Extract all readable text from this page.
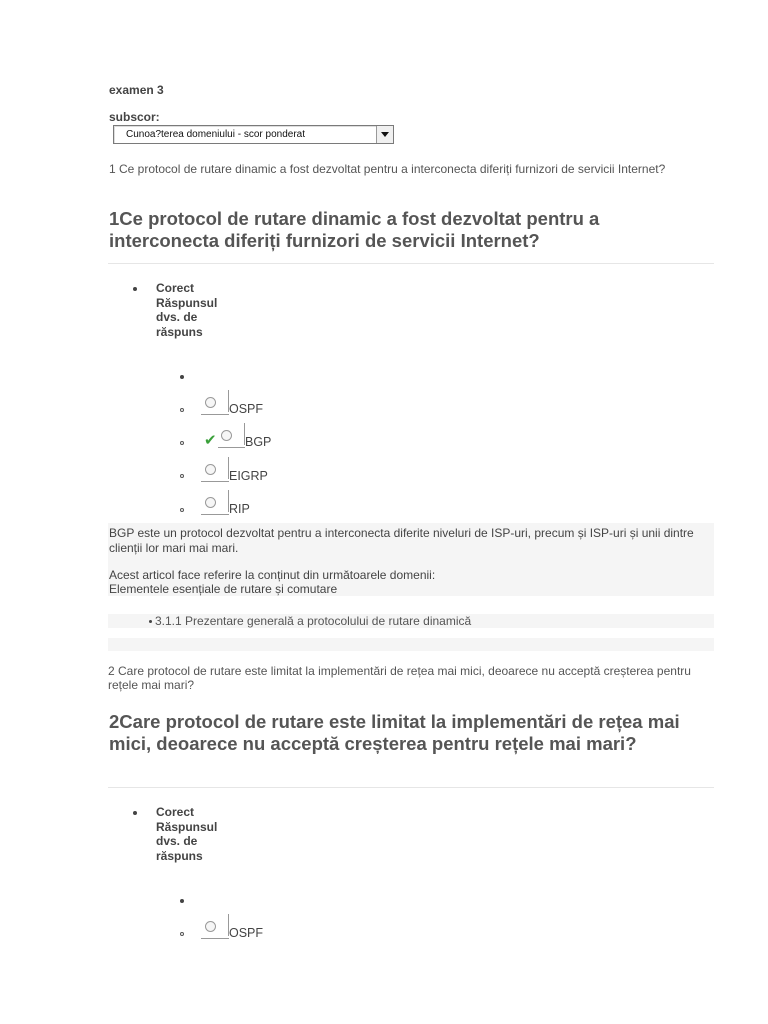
examen 3
subscor:
Cunoa?terea domeniului - scor ponderat
1 Ce protocol de rutare dinamic a fost dezvoltat pentru a interconecta diferiți furnizori de servicii Internet?
1Ce protocol de rutare dinamic a fost dezvoltat pentru a interconecta diferiți furnizori de servicii Internet?
Corect Răspunsul dvs. de răspuns
OSPF
✔ BGP
EIGRP
RIP
BGP este un protocol dezvoltat pentru a interconecta diferite niveluri de ISP-uri, precum și ISP-uri și unii dintre clienții lor mari mai mari.
Acest articol face referire la conținut din următoarele domenii:
Elementele esențiale de rutare și comutare
3.1.1 Prezentare generală a protocolului de rutare dinamică
2 Care protocol de rutare este limitat la implementări de rețea mai mici, deoarece nu acceptă creșterea pentru rețele mai mari?
2Care protocol de rutare este limitat la implementări de rețea mai mici, deoarece nu acceptă creșterea pentru rețele mai mari?
Corect Răspunsul dvs. de răspuns
OSPF
